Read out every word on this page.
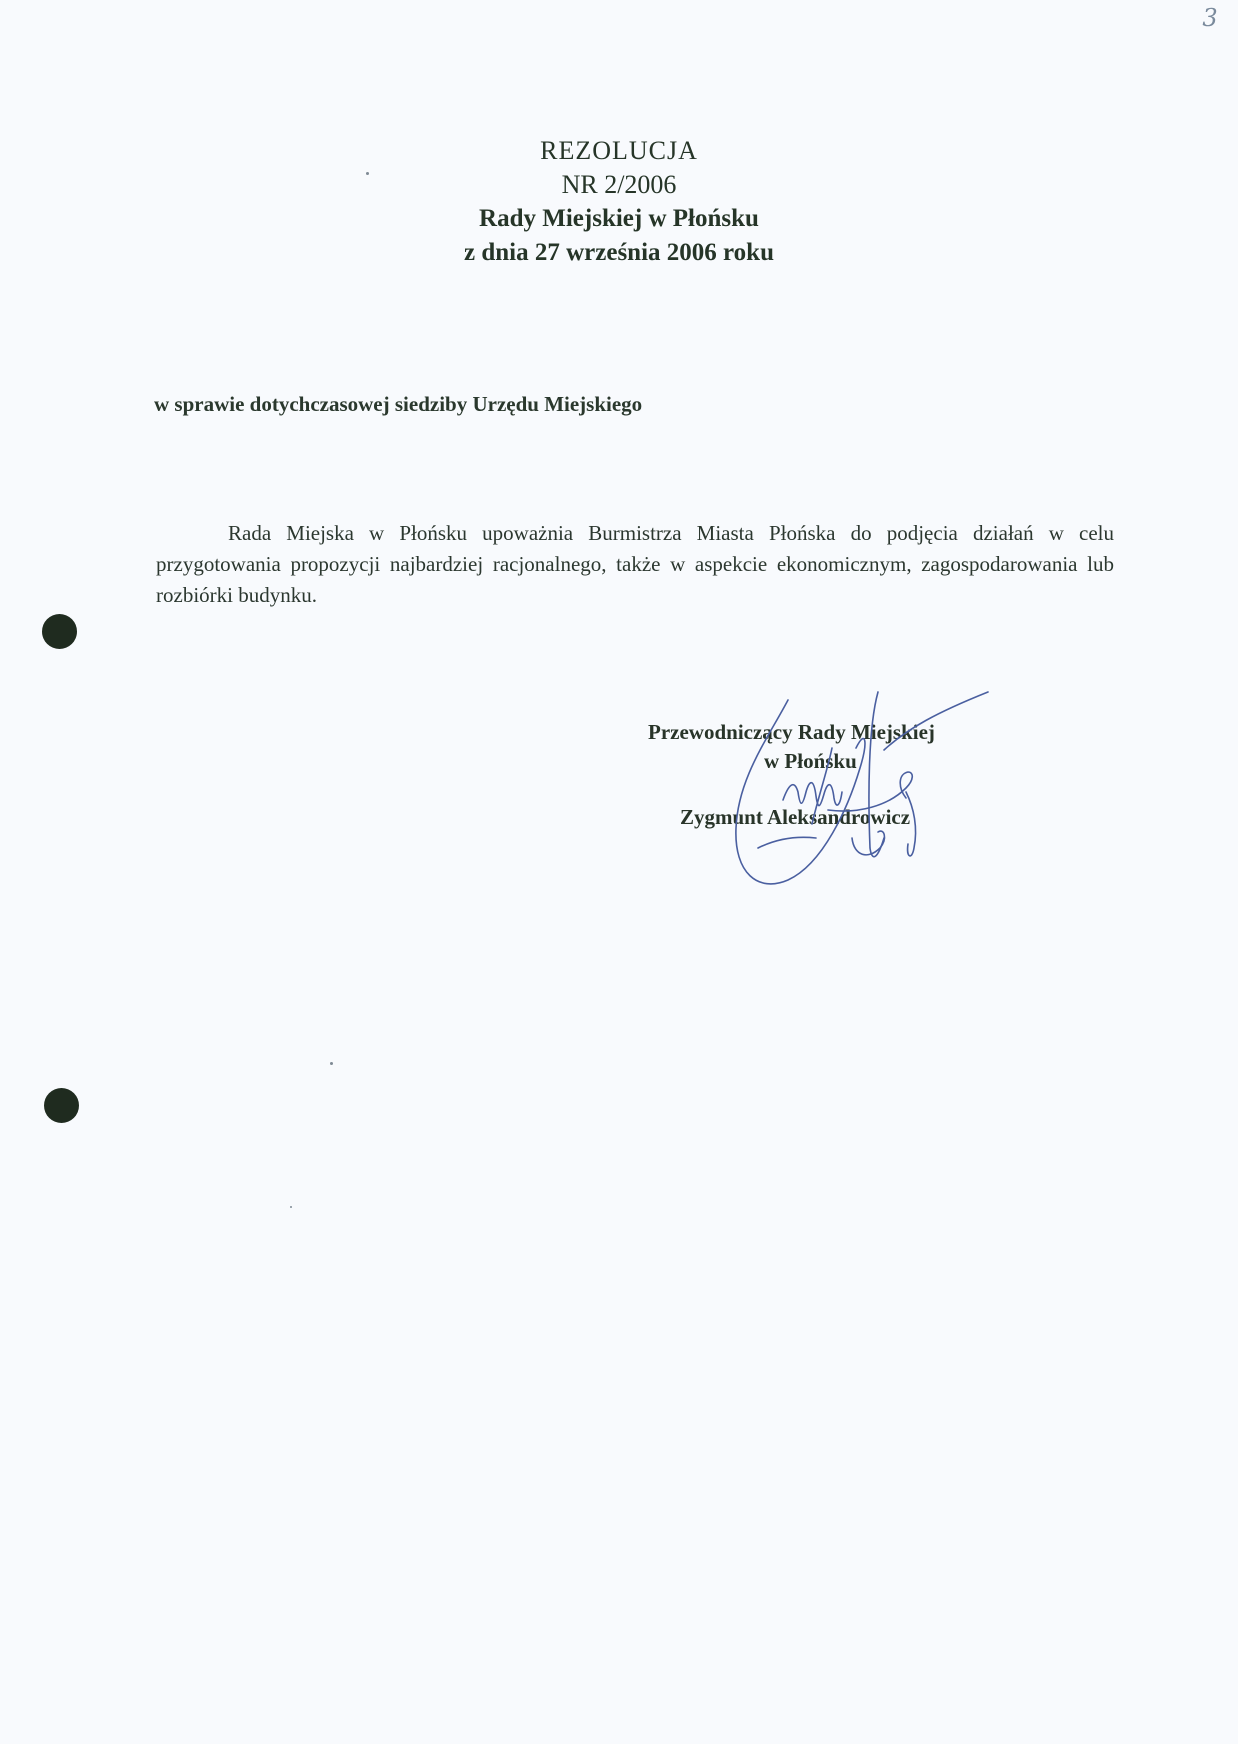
3
REZOLUCJA
NR 2/2006
Rady Miejskiej w Płońsku
z dnia 27 września 2006 roku
w sprawie dotychczasowej siedziby Urzędu Miejskiego

Rada Miejska w Płońsku upoważnia Burmistrza Miasta Płońska do podjęcia działań w celu przygotowania propozycji najbardziej racjonalnego, także w aspekcie ekonomicznym, zagospodarowania lub rozbiórki budynku.

Przewodniczący Rady Miejskiej
w Płońsku
Zygmunt Aleksandrowicz
